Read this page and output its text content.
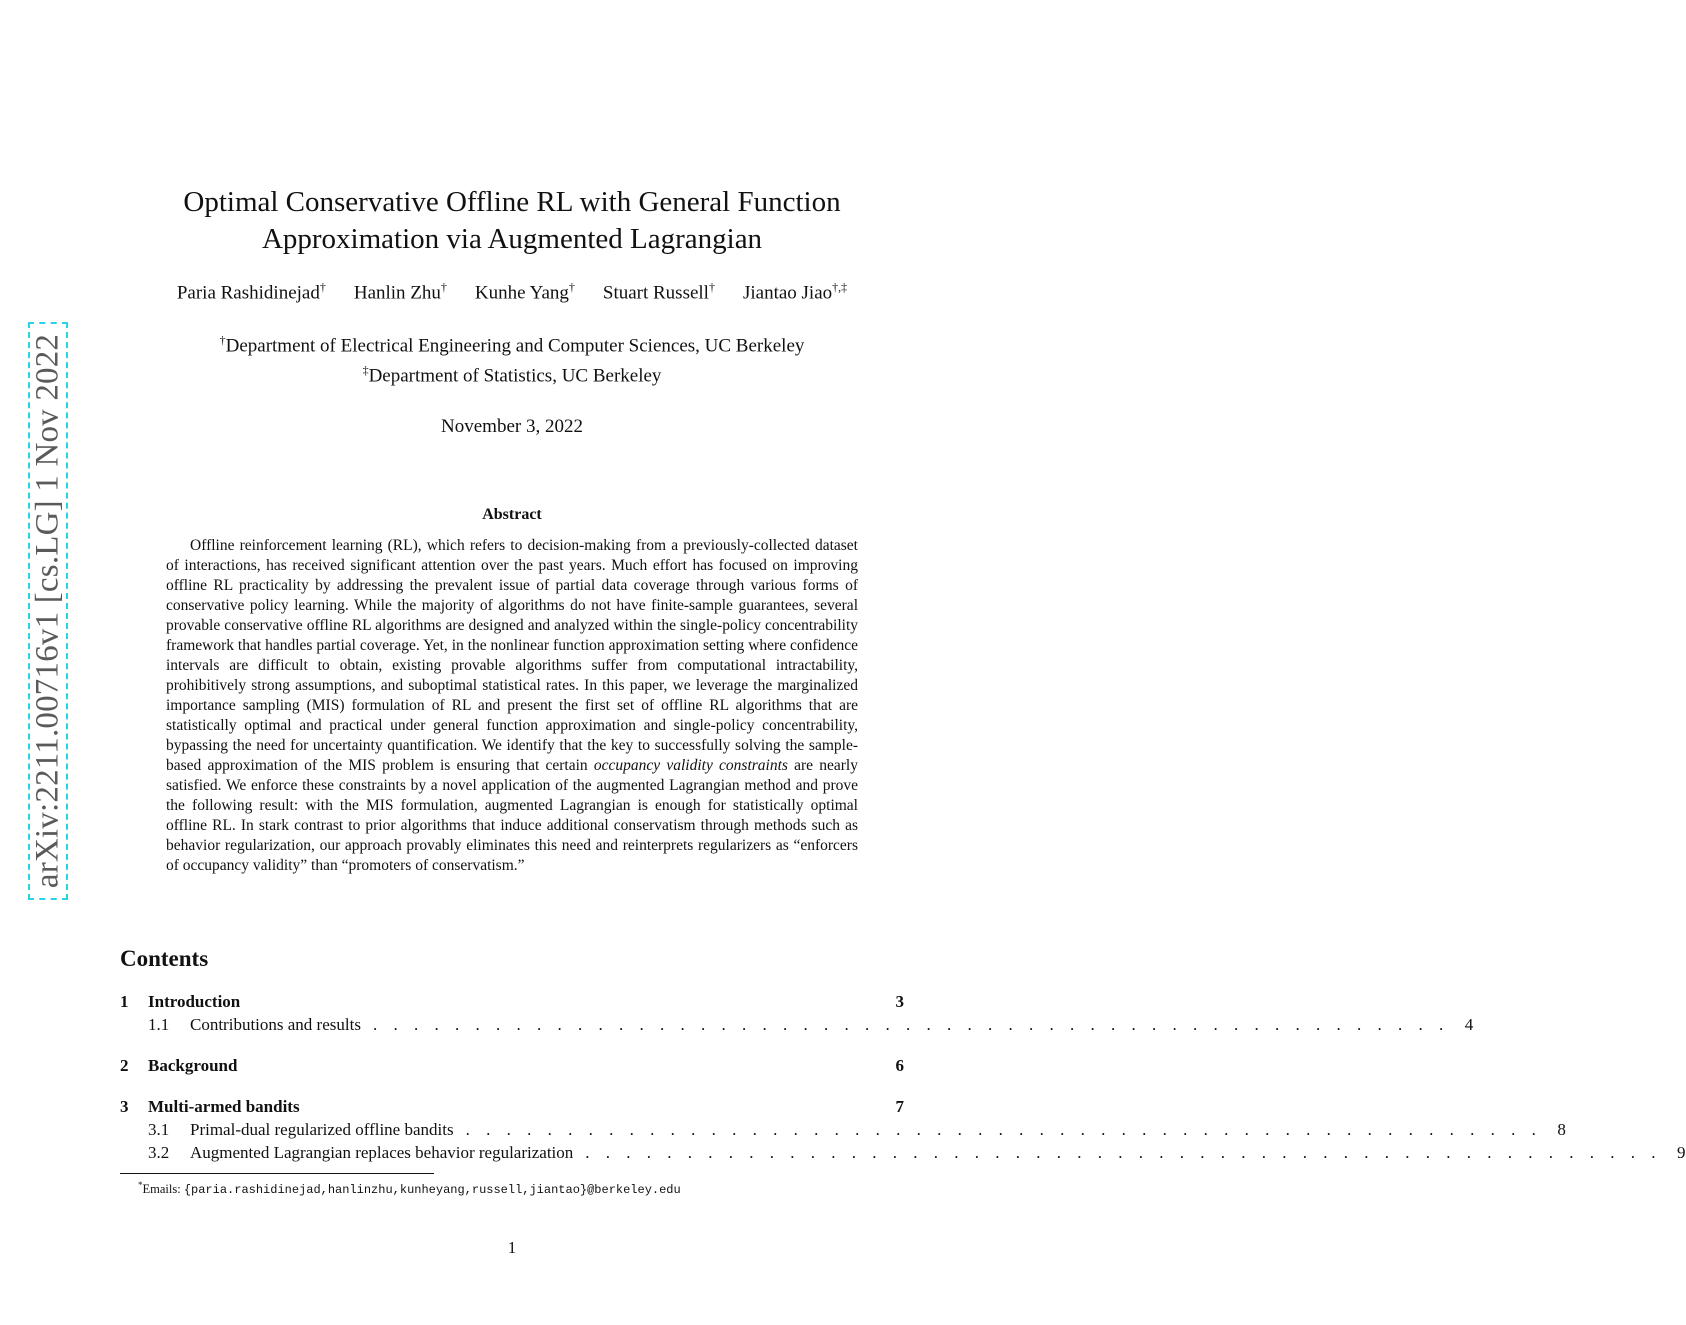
arXiv:2211.00716v1 [cs.LG] 1 Nov 2022
Optimal Conservative Offline RL with General Function Approximation via Augmented Lagrangian
Paria Rashidinejad† Hanlin Zhu† Kunhe Yang† Stuart Russell† Jiantao Jiao†,‡
†Department of Electrical Engineering and Computer Sciences, UC Berkeley
‡Department of Statistics, UC Berkeley
November 3, 2022
Abstract

Offline reinforcement learning (RL), which refers to decision-making from a previously-collected dataset of interactions, has received significant attention over the past years. Much effort has focused on improving offline RL practicality by addressing the prevalent issue of partial data coverage through various forms of conservative policy learning. While the majority of algorithms do not have finite-sample guarantees, several provable conservative offline RL algorithms are designed and analyzed within the single-policy concentrability framework that handles partial coverage. Yet, in the nonlinear function approximation setting where confidence intervals are difficult to obtain, existing provable algorithms suffer from computational intractability, prohibitively strong assumptions, and suboptimal statistical rates. In this paper, we leverage the marginalized importance sampling (MIS) formulation of RL and present the first set of offline RL algorithms that are statistically optimal and practical under general function approximation and single-policy concentrability, bypassing the need for uncertainty quantification. We identify that the key to successfully solving the sample-based approximation of the MIS problem is ensuring that certain occupancy validity constraints are nearly satisfied. We enforce these constraints by a novel application of the augmented Lagrangian method and prove the following result: with the MIS formulation, augmented Lagrangian is enough for statistically optimal offline RL. In stark contrast to prior algorithms that induce additional conservatism through methods such as behavior regularization, our approach provably eliminates this need and reinterprets regularizers as “enforcers of occupancy validity” than “promoters of conservatism.”

Contents
1	Introduction	3
1.1	Contributions and results . . . . . . . . . . . . . . . . . . . . . . . . . . . . . . . . . . . . . . . . . . . . . . . . . . . . . 4
2	Background	6
3	Multi-armed bandits	7
3.1	Primal-dual regularized offline bandits . . . . . . . . . . . . . . . . . . . . . . . . . . . . . . . . . . . . . . . . . . . . . . . . . . . . . 8
3.2	Augmented Lagrangian replaces behavior regularization . . . . . . . . . . . . . . . . . . . . . . . . . . . . . . . . . . . . . . . . . . . . . . . . . . . . . 9
*Emails: {paria.rashidinejad,hanlinzhu,kunheyang,russell,jiantao}@berkeley.edu
1
